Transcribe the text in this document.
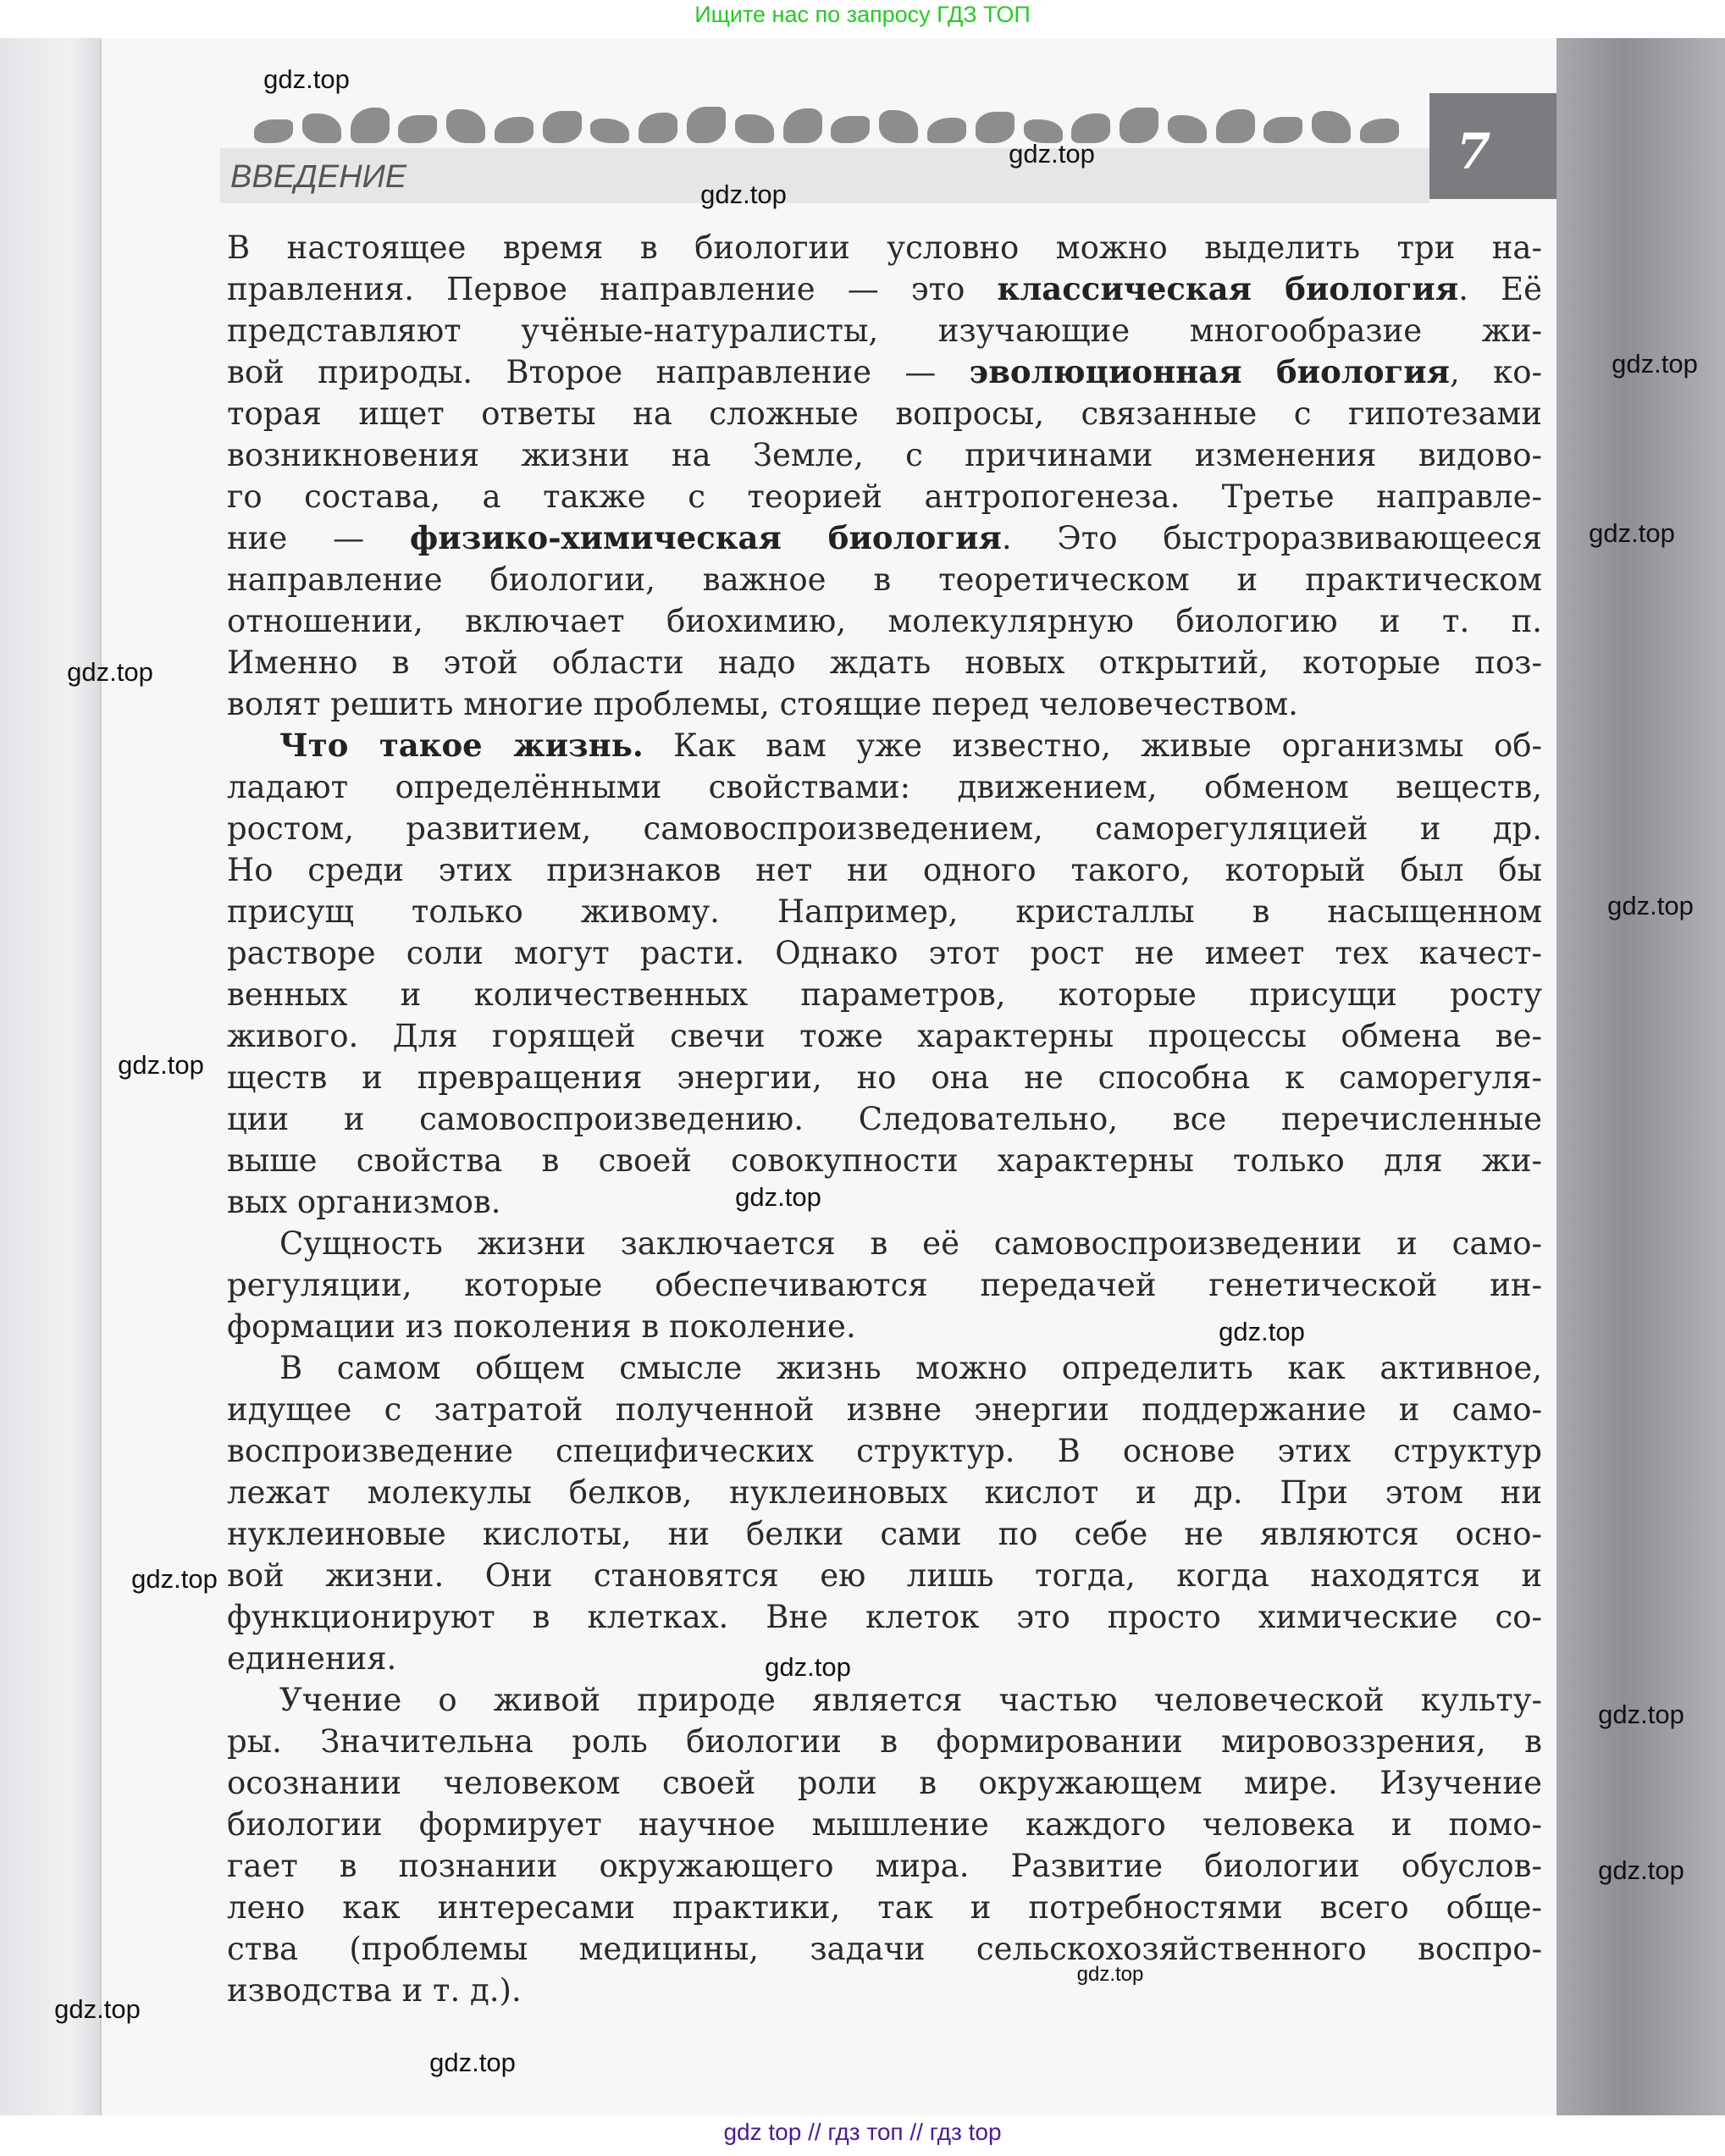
Ищите нас по запросу ГДЗ ТОП
7
ВВЕДЕНИЕ
В настоящее время в биологии условно можно выделить три на-
правления. Первое направление — это классическая биология. Её
представляют учёные-натуралисты, изучающие многообразие жи-
вой природы. Второе направление — эволюционная биология, ко-
торая ищет ответы на сложные вопросы, связанные с гипотезами
возникновения жизни на Земле, с причинами изменения видово-
го состава, а также с теорией антропогенеза. Третье направле-
ние — физико-химическая биология. Это быстроразвивающееся
направление биологии, важное в теоретическом и практическом
отношении, включает биохимию, молекулярную биологию и т. п.
Именно в этой области надо ждать новых открытий, которые поз-
волят решить многие проблемы, стоящие перед человечеством.
Что такое жизнь. Как вам уже известно, живые организмы об-
ладают определёнными свойствами: движением, обменом веществ,
ростом, развитием, самовоспроизведением, саморегуляцией и др.
Но среди этих признаков нет ни одного такого, который был бы
присущ только живому. Например, кристаллы в насыщенном
растворе соли могут расти. Однако этот рост не имеет тех качест-
венных и количественных параметров, которые присущи росту
живого. Для горящей свечи тоже характерны процессы обмена ве-
ществ и превращения энергии, но она не способна к саморегуля-
ции и самовоспроизведению. Следовательно, все перечисленные
выше свойства в своей совокупности характерны только для жи-
вых организмов.
Сущность жизни заключается в её самовоспроизведении и само-
регуляции, которые обеспечиваются передачей генетической ин-
формации из поколения в поколение.
В самом общем смысле жизнь можно определить как активное,
идущее с затратой полученной извне энергии поддержание и само-
воспроизведение специфических структур. В основе этих структур
лежат молекулы белков, нуклеиновых кислот и др. При этом ни
нуклеиновые кислоты, ни белки сами по себе не являются осно-
вой жизни. Они становятся ею лишь тогда, когда находятся и
функционируют в клетках. Вне клеток это просто химические со-
единения.
Учение о живой природе является частью человеческой культу-
ры. Значительна роль биологии в формировании мировоззрения, в
осознании человеком своей роли в окружающем мире. Изучение
биологии формирует научное мышление каждого человека и помо-
гает в познании окружающего мира. Развитие биологии обуслов-
лено как интересами практики, так и потребностями всего обще-
ства (проблемы медицины, задачи сельскохозяйственного воспро-
изводства и т. д.).
gdz.top
gdz.top
gdz.top
gdz.top
gdz.top
gdz.top
gdz.top
gdz.top
gdz.top
gdz.top
gdz.top
gdz.top
gdz.top
gdz.top
gdz.top
gdz.top
gdz.top
gdz top // гдз топ // гдз top
